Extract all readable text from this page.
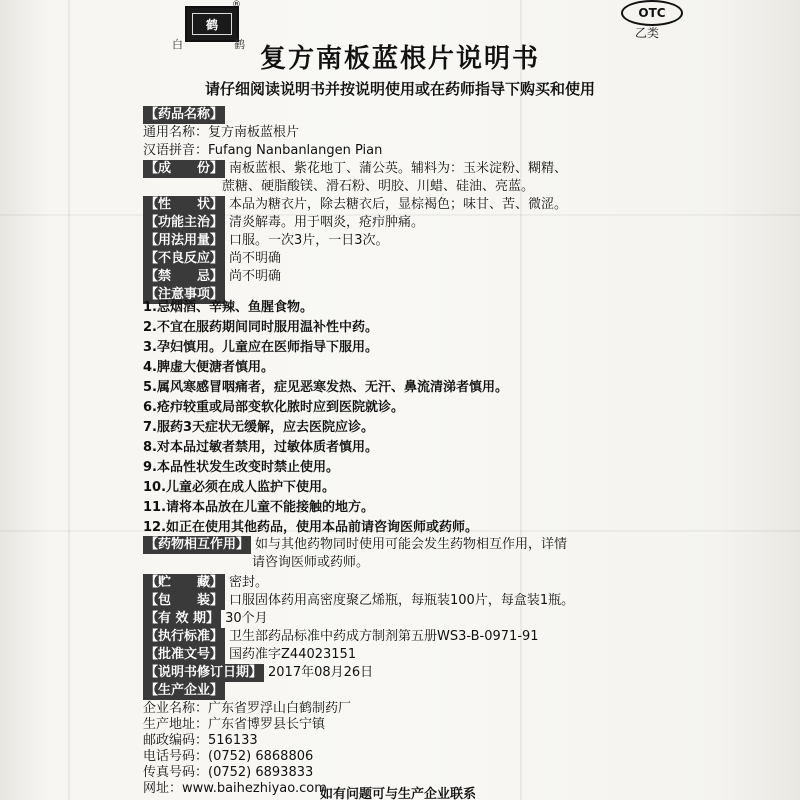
鹤
®
白	鹤
OTC
乙类
复方南板蓝根片说明书
请仔细阅读说明书并按说明使用或在药师指导下购买和使用
【药品名称】
通用名称：复方南板蓝根片
汉语拼音：Fufang Nanbanlangen Pian
【成　　份】 南板蓝根、紫花地丁、蒲公英。辅料为：玉米淀粉、糊精、
蔗糖、硬脂酸镁、滑石粉、明胶、川蜡、硅油、亮蓝。
【性　　状】 本品为糖衣片，除去糖衣后，显棕褐色；味甘、苦、微涩。
【功能主治】 清炎解毒。用于咽炎，疮疖肿痛。
【用法用量】 口服。一次3片，一日3次。
【不良反应】 尚不明确
【禁　　忌】 尚不明确
【注意事项】
1.忌烟酒、辛辣、鱼腥食物。
2.不宜在服药期间同时服用温补性中药。
3.孕妇慎用。儿童应在医师指导下服用。
4.脾虚大便溏者慎用。
5.属风寒感冒咽痛者，症见恶寒发热、无汗、鼻流清涕者慎用。
6.疮疖较重或局部变软化脓时应到医院就诊。
7.服药3天症状无缓解，应去医院应诊。
8.对本品过敏者禁用，过敏体质者慎用。
9.本品性状发生改变时禁止使用。
10.儿童必须在成人监护下使用。
11.请将本品放在儿童不能接触的地方。
12.如正在使用其他药品，使用本品前请咨询医师或药师。
【药物相互作用】 如与其他药物同时使用可能会发生药物相互作用，详情
请咨询医师或药师。
【贮　　藏】 密封。
【包　　装】 口服固体药用高密度聚乙烯瓶，每瓶装100片，每盒装1瓶。
【有 效 期】 30个月
【执行标准】 卫生部药品标准中药成方制剂第五册WS3-B-0971-91
【批准文号】 国药准字Z44023151
【说明书修订日期】 2017年08月26日
【生产企业】
企业名称：广东省罗浮山白鹤制药厂
生产地址：广东省博罗县长宁镇
邮政编码：516133
电话号码：(0752) 6868806
传真号码：(0752) 6893833
网址：www.baihezhiyao.com
如有问题可与生产企业联系
